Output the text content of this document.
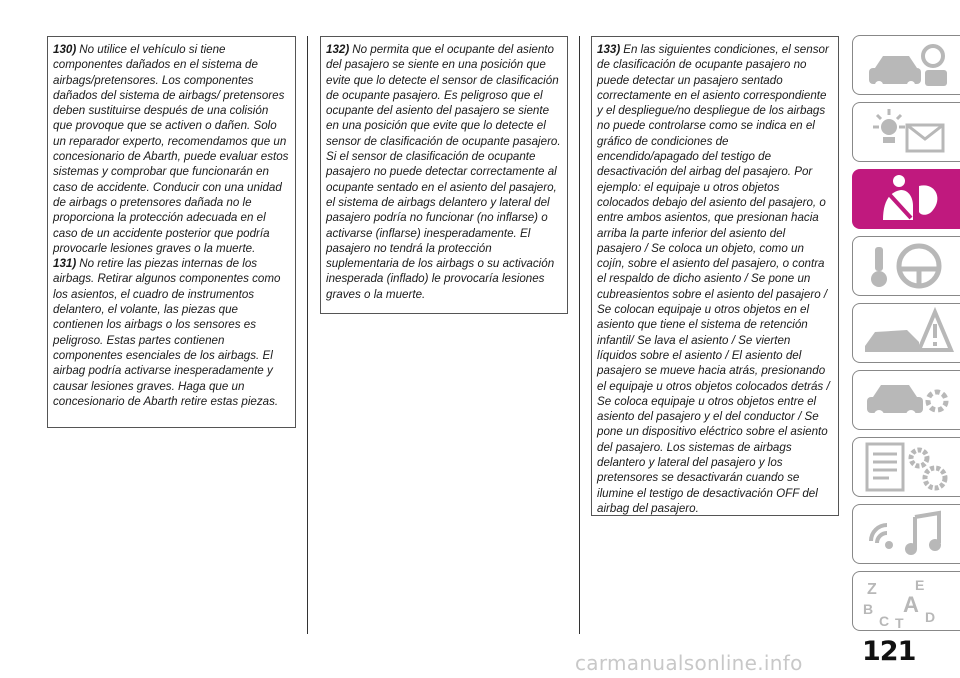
130) No utilice el vehículo si tiene componentes dañados en el sistema de airbags/pretensores. Los componentes dañados del sistema de airbags/ pretensores deben sustituirse después de una colisión que provoque que se activen o dañen. Solo un reparador experto, recomendamos que un concesionario de Abarth, puede evaluar estos sistemas y comprobar que funcionarán en caso de accidente. Conducir con una unidad de airbags o pretensores dañada no le proporciona la protección adecuada en el caso de un accidente posterior que podría provocarle lesiones graves o la muerte.

131) No retire las piezas internas de los airbags. Retirar algunos componentes como los asientos, el cuadro de instrumentos delantero, el volante, las piezas que contienen los airbags o los sensores es peligroso. Estas partes contienen componentes esenciales de los airbags. El airbag podría activarse inesperadamente y causar lesiones graves. Haga que un concesionario de Abarth retire estas piezas.

132) No permita que el ocupante del asiento del pasajero se siente en una posición que evite que lo detecte el sensor de clasificación de ocupante pasajero. Es peligroso que el ocupante del asiento del pasajero se siente en una posición que evite que lo detecte el sensor de clasificación de ocupante pasajero. Si el sensor de clasificación de ocupante pasajero no puede detectar correctamente al ocupante sentado en el asiento del pasajero, el sistema de airbags delantero y lateral del pasajero podría no funcionar (no inflarse) o activarse (inflarse) inesperadamente. El pasajero no tendrá la protección suplementaria de los airbags o su activación inesperada (inflado) le provocaría lesiones graves o la muerte.

133) En las siguientes condiciones, el sensor de clasificación de ocupante pasajero no puede detectar un pasajero sentado correctamente en el asiento correspondiente y el despliegue/no despliegue de los airbags no puede controlarse como se indica en el gráfico de condiciones de encendido/apagado del testigo de desactivación del airbag del pasajero. Por ejemplo: el equipaje u otros objetos colocados debajo del asiento del pasajero, o entre ambos asientos, que presionan hacia arriba la parte inferior del asiento del pasajero / Se coloca un objeto, como un cojín, sobre el asiento del pasajero, o contra el respaldo de dicho asiento / Se pone un cubreasientos sobre el asiento del pasajero / Se colocan equipaje u otros objetos en el asiento que tiene el sistema de retención infantil/ Se lava el asiento / Se vierten líquidos sobre el asiento / El asiento del pasajero se mueve hacia atrás, presionando el equipaje u otros objetos colocados detrás / Se coloca equipaje u otros objetos entre el asiento del pasajero y el del conductor / Se pone un dispositivo eléctrico sobre el asiento del pasajero. Los sistemas de airbags delantero y lateral del pasajero y los pretensores se desactivarán cuando se ilumine el testigo de desactivación OFF del airbag del pasajero.

Z	E
B A
C T D
carmanualsonline.info 121
